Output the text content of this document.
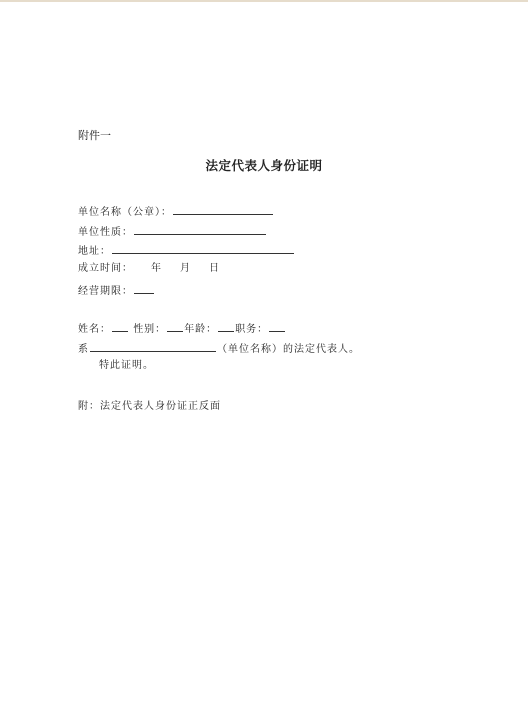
附件一
法定代表人身份证明
单位名称（公章）：
单位性质：
地址：
成立时间： 年 月 日
经营期限：
姓名： 性别： 年龄： 职务：
系	（单位名称）的法定代表人。
特此证明。
附：法定代表人身份证正反面
